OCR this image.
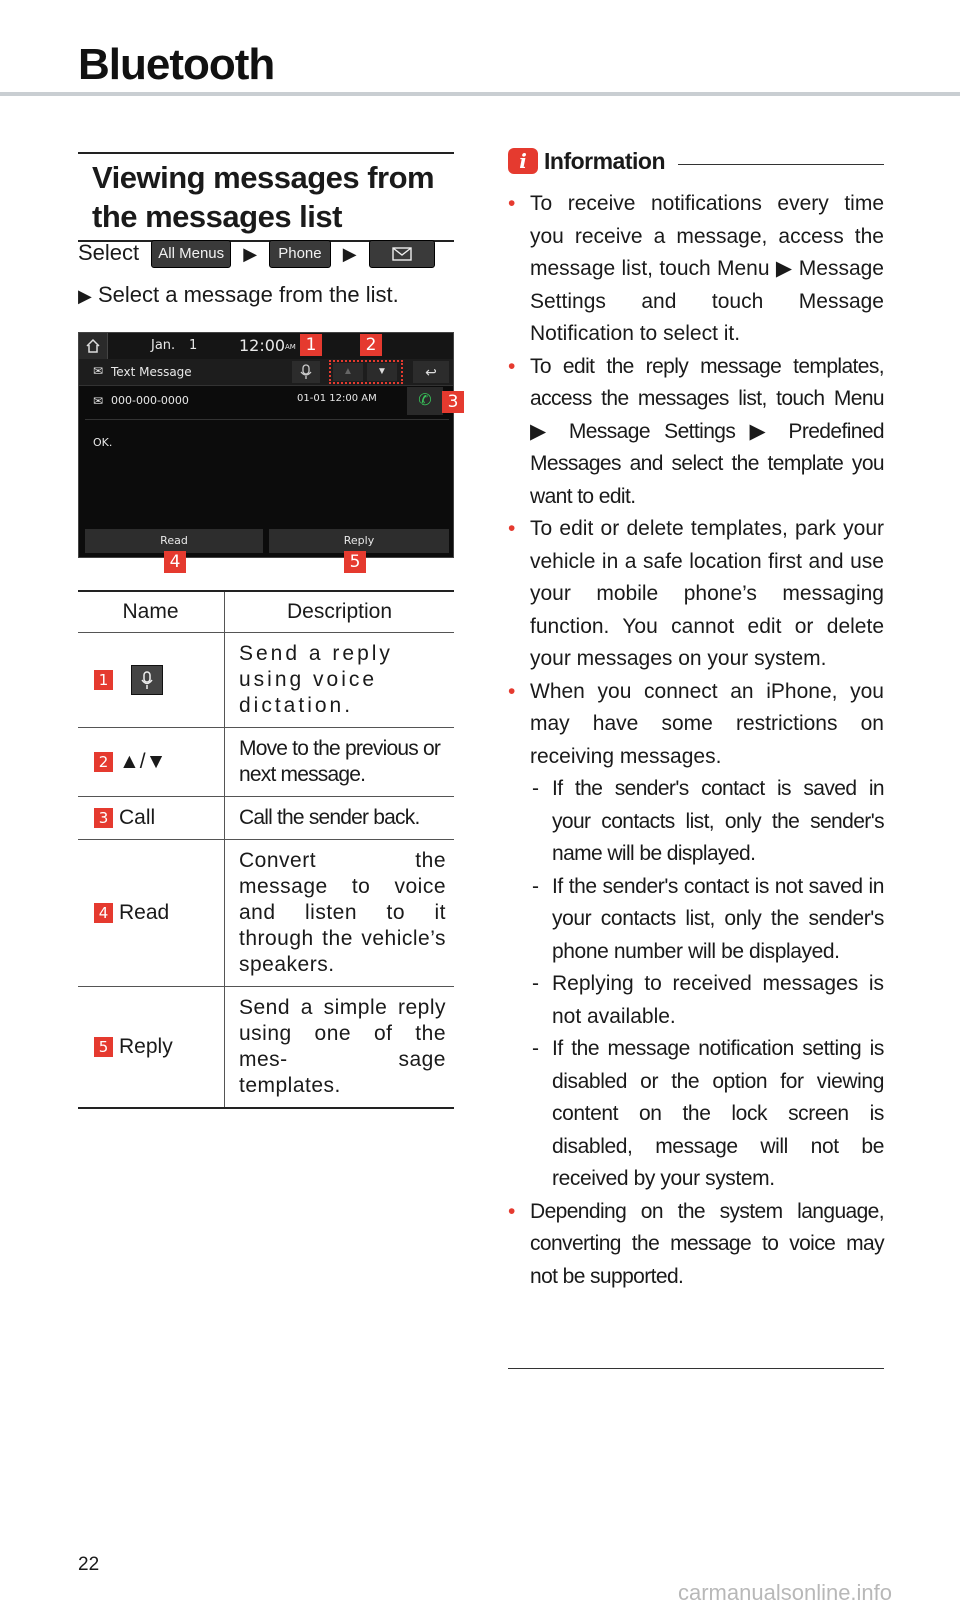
Bluetooth
Viewing messages from
the messages list
Select All Menus ▶ Phone ▶
▶ Select a message from the list.
Jan. 1	12:00 AM
✉ Text Message	▲	▼	↩
✉ 000-000-0000	01-01 12:00 AM	✆
OK.
Read	Reply
1	2
3
4	5
Name	Description
1	Send a reply using voice dictation.
2 ▲/▼	Move to the previous or next message.
3 Call	Call the sender back.
4 Read	Convert the message to voice and listen to it through the vehicle’s speakers.
5 Reply	Send a simple reply using one of the mes- sage templates.
i Information
• To receive notifications every time you receive a message, access the message list, touch Menu ▶ Message Settings and touch Message Notification to select it.
• To edit the reply message templates, access the messages list, touch Menu ▶ Message Settings ▶ Predefined Messages and select the template you want to edit.
• To edit or delete templates, park your vehicle in a safe location first and use your mobile phone’s messaging function. You cannot edit or delete your messages on your system.
• When you connect an iPhone, you may have some restrictions on receiving messages.
- If the sender's contact is saved in your contacts list, only the sender's name will be displayed.
- If the sender's contact is not saved in your contacts list, only the sender's phone number will be displayed.
- Replying to received messages is not available.
- If the message notification setting is disabled or the option for viewing content on the lock screen is disabled, message will not be received by your system.
• Depending on the system language, converting the message to voice may not be supported.
22
carmanualsonline.info
